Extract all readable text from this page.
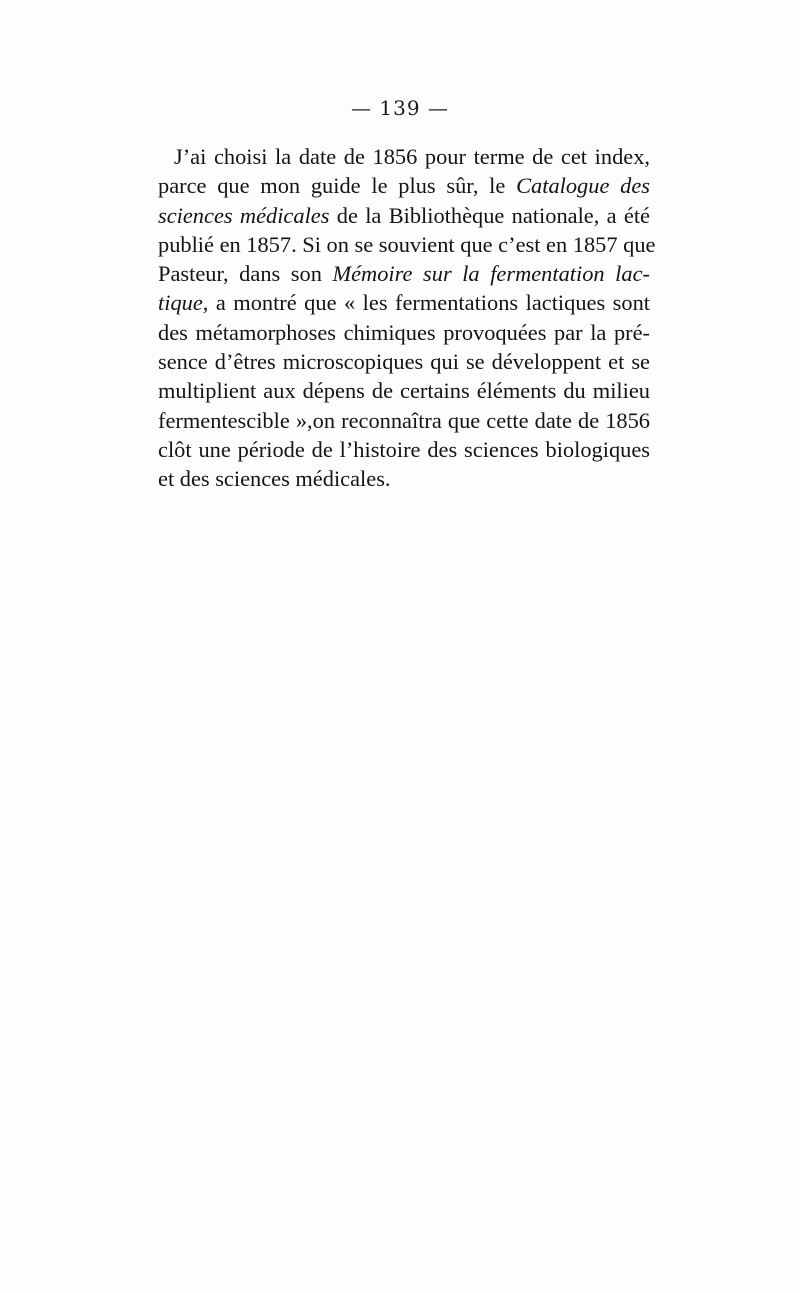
— 139 —

J’ai choisi la date de 1856 pour terme de cet index,
parce que mon guide le plus sûr, le Catalogue des
sciences médicales de la Bibliothèque nationale, a été
publié en 1857. Si on se souvient que c’est en 1857 que
Pasteur, dans son Mémoire sur la fermentation lac-
tique, a montré que « les fermentations lactiques sont
des métamorphoses chimiques provoquées par la pré-
sence d’êtres microscopiques qui se développent et se
multiplient aux dépens de certains éléments du milieu
fermentescible »,on reconnaîtra que cette date de 1856
clôt une période de l’histoire des sciences biologiques
et des sciences médicales.
